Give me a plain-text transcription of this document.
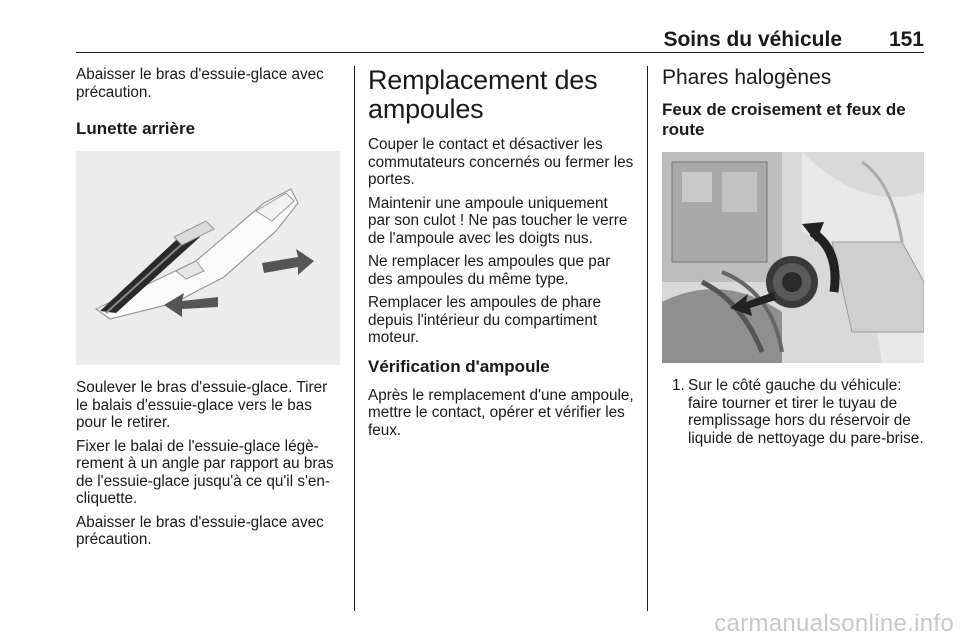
Soins du véhicule 151

Abaisser le bras d'essuie-glace avec précaution.

Lunette arrière

Soulever le bras d'essuie-glace. Tirer le balais d'essuie-glace vers le bas pour le retirer.

Fixer le balai de l'essuie-glace légè-rement à un angle par rapport au bras de l'essuie-glace jusqu'à ce qu'il s'en-cliquette.

Abaisser le bras d'essuie-glace avec précaution.

Remplacement des ampoules

Couper le contact et désactiver les commutateurs concernés ou fermer les portes.

Maintenir une ampoule uniquement par son culot ! Ne pas toucher le verre de l'ampoule avec les doigts nus.

Ne remplacer les ampoules que par des ampoules du même type.

Remplacer les ampoules de phare depuis l'intérieur du compartiment moteur.

Vérification d'ampoule

Après le remplacement d'une ampoule, mettre le contact, opérer et vérifier les feux.

Phares halogènes
Feux de croisement et feux de route
1. Sur le côté gauche du véhicule: faire tourner et tirer le tuyau de remplissage hors du réservoir de liquide de nettoyage du pare-brise.
carmanualsonline.info
